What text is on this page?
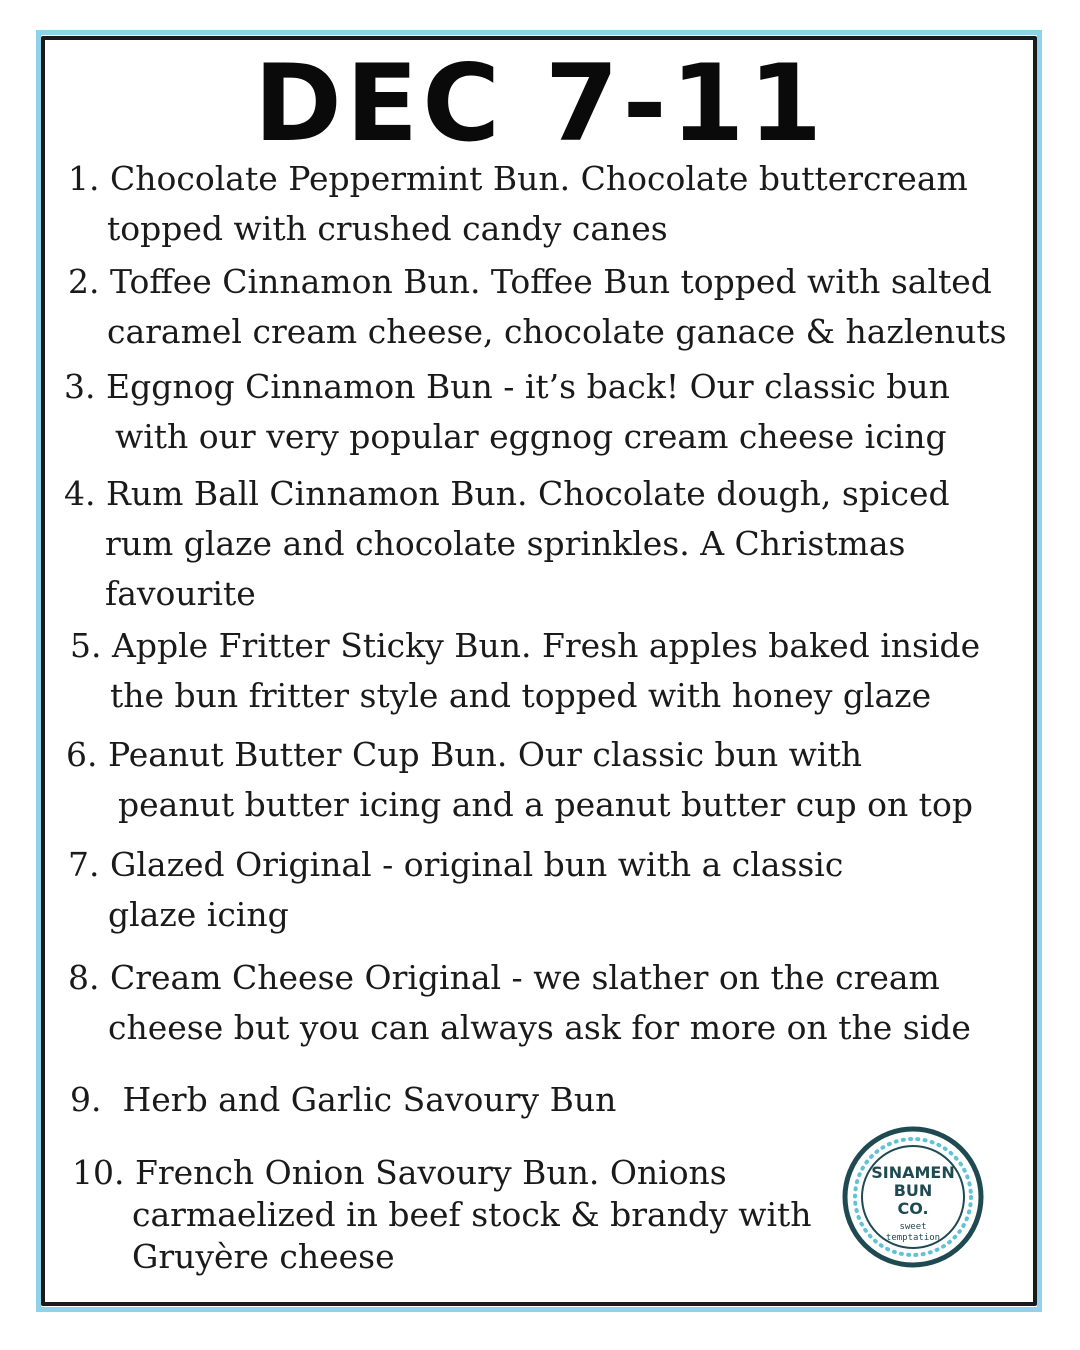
DEC 7-11
1. Chocolate Peppermint Bun. Chocolate buttercream
topped with crushed candy canes
2. Toffee Cinnamon Bun. Toffee Bun topped with salted
caramel cream cheese, chocolate ganace & hazlenuts
3. Eggnog Cinnamon Bun - it’s back! Our classic bun
with our very popular eggnog cream cheese icing
4. Rum Ball Cinnamon Bun. Chocolate dough, spiced
rum glaze and chocolate sprinkles. A Christmas
favourite
5. Apple Fritter Sticky Bun. Fresh apples baked inside
the bun fritter style and topped with honey glaze
6. Peanut Butter Cup Bun. Our classic bun with
peanut butter icing and a peanut butter cup on top
7. Glazed Original - original bun with a classic
glaze icing
8. Cream Cheese Original - we slather on the cream
cheese but you can always ask for more on the side
9. Herb and Garlic Savoury Bun
10. French Onion Savoury Bun. Onions
carmaelized in beef stock & brandy with
Gruyère cheese
SINAMEN
BUN
CO.
sweet
temptation
